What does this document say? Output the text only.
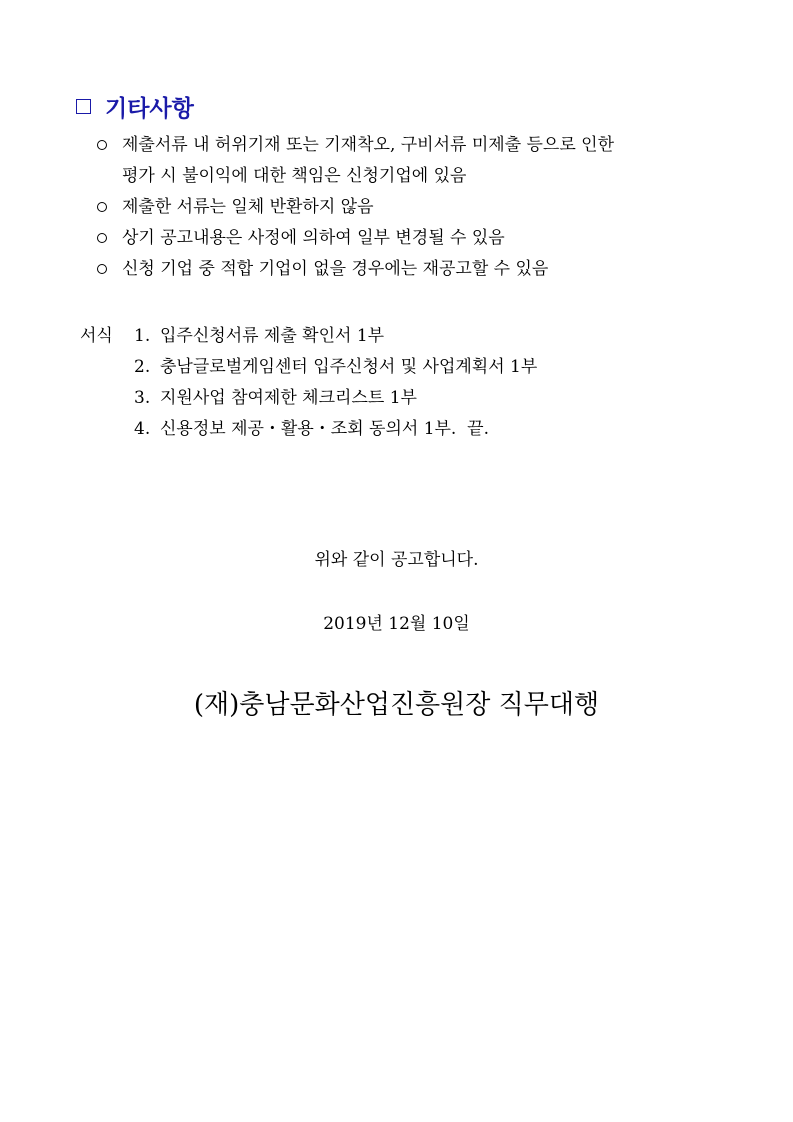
기타사항
제출서류 내 허위기재 또는 기재착오, 구비서류 미제출 등으로 인한
평가 시 불이익에 대한 책임은 신청기업에 있음
제출한 서류는 일체 반환하지 않음
상기 공고내용은 사정에 의하여 일부 변경될 수 있음
신청 기업 중 적합 기업이 없을 경우에는 재공고할 수 있음
서식 1. 입주신청서류 제출 확인서 1부
2. 충남글로벌게임센터 입주신청서 및 사업계획서 1부
3. 지원사업 참여제한 체크리스트 1부
4. 신용정보 제공・활용・조회 동의서 1부.  끝.
위와 같이 공고합니다.
2019년 12월 10일
(재)충남문화산업진흥원장 직무대행
